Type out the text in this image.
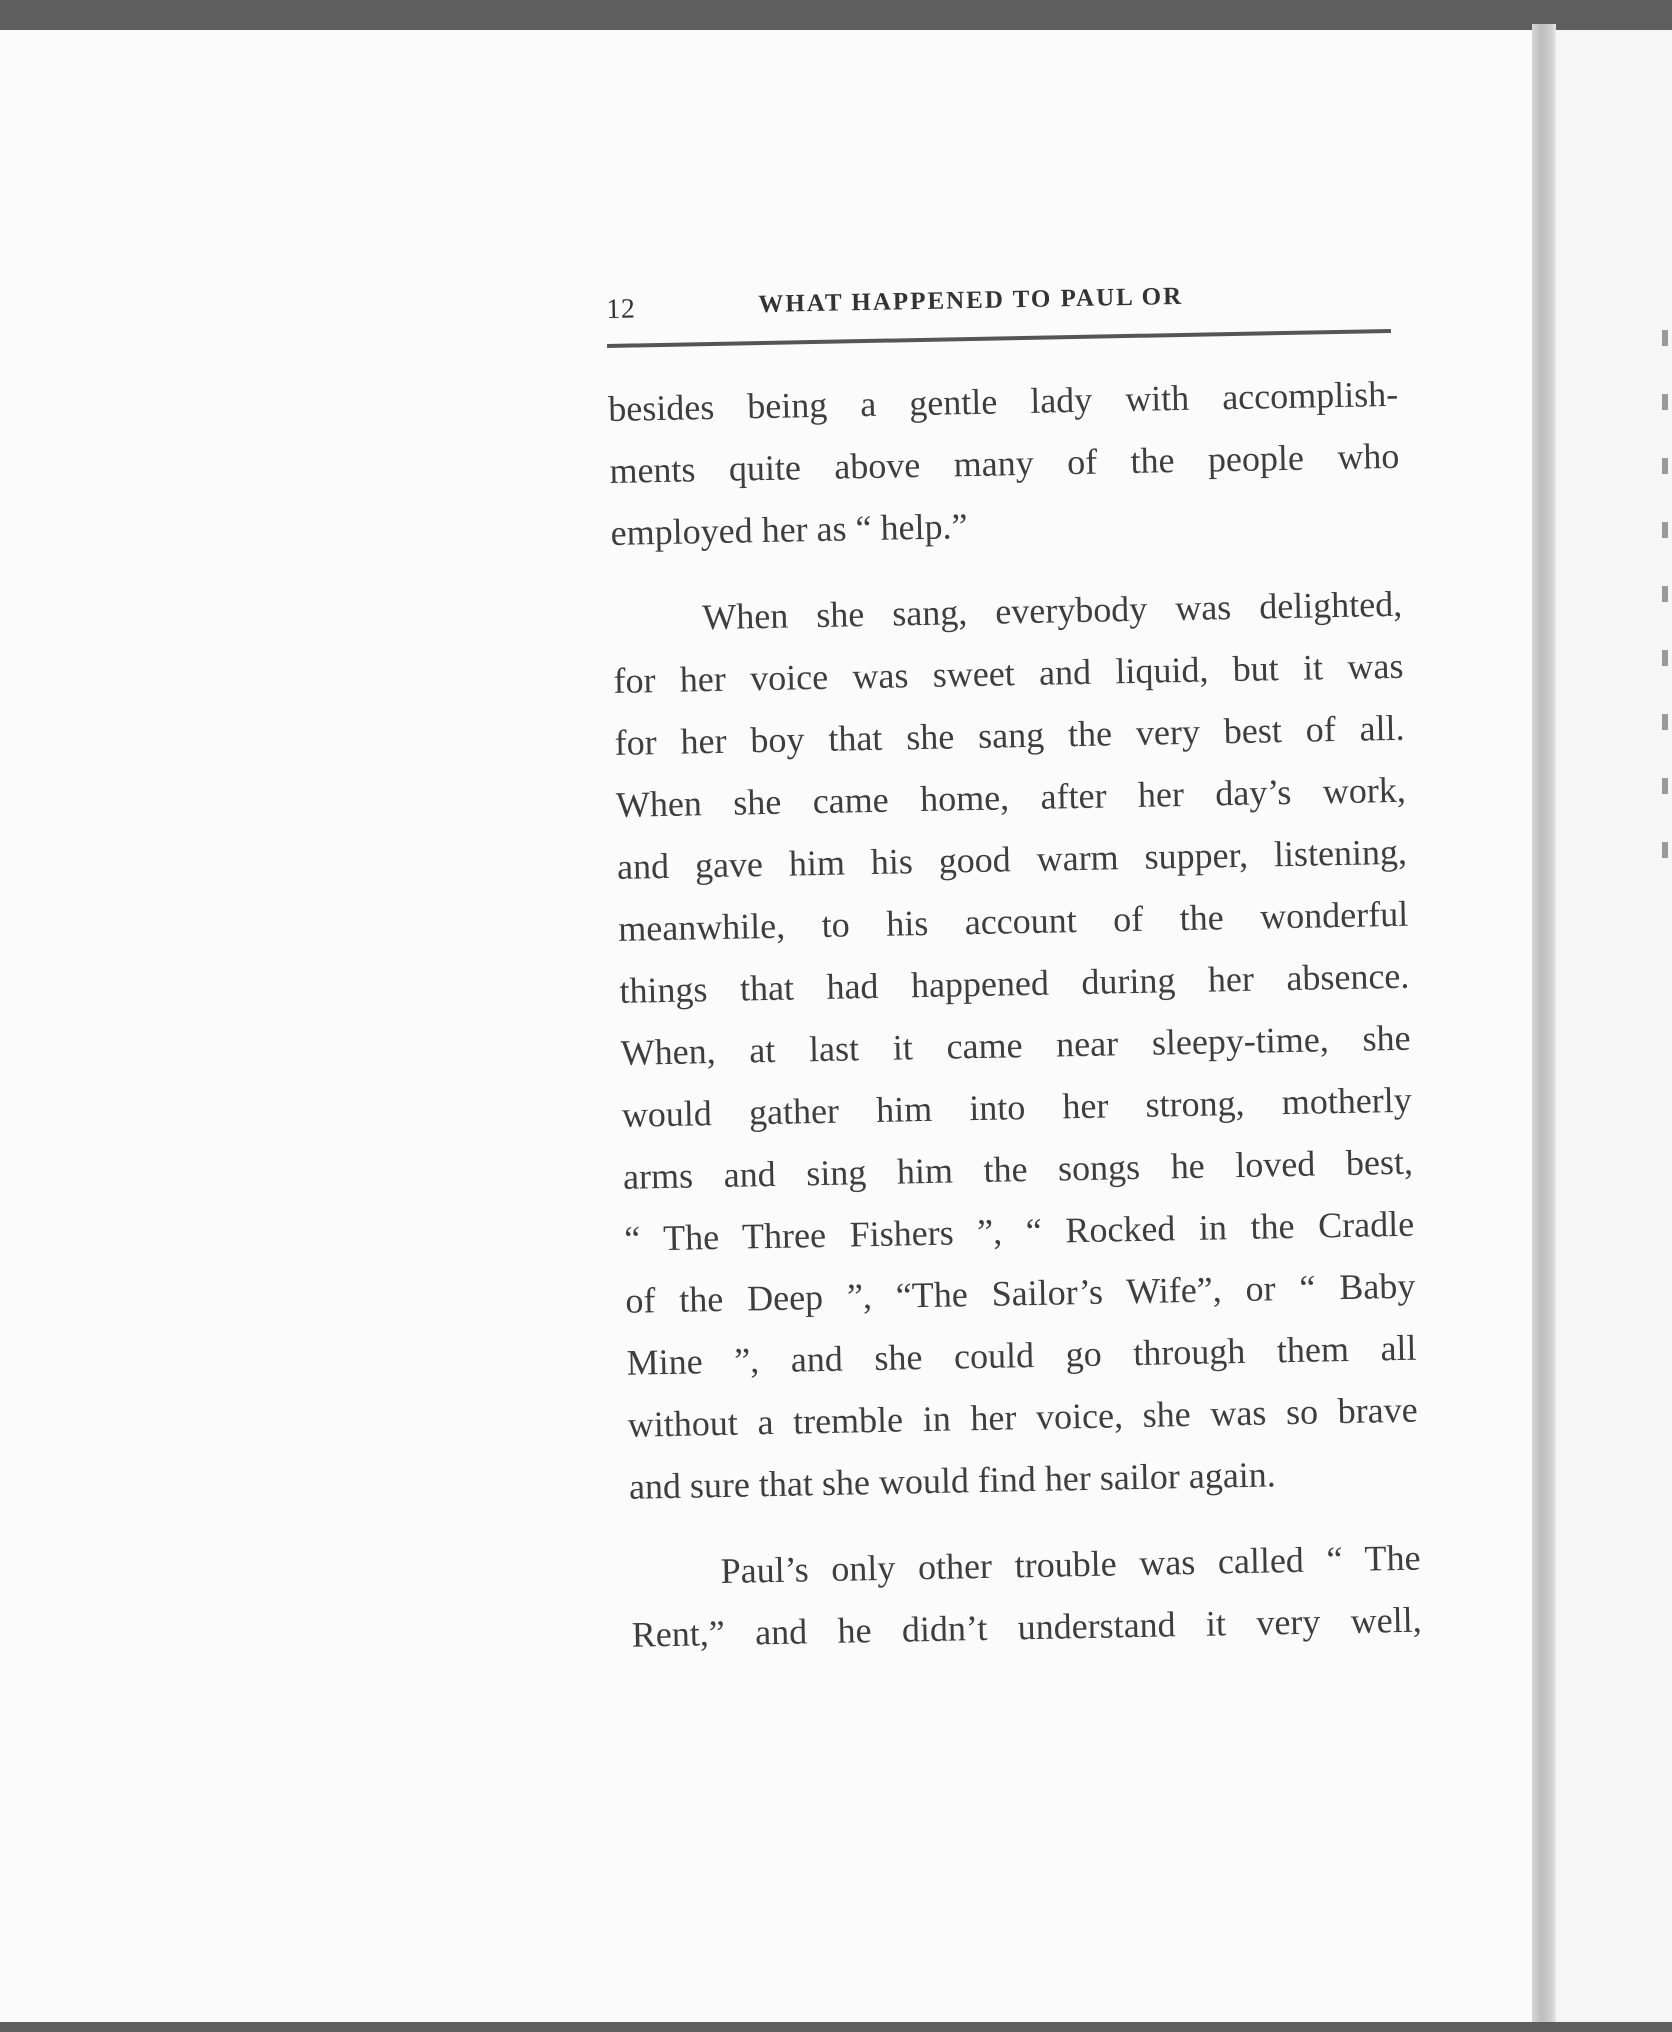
12	WHAT HAPPENED TO PAUL OR
besides being a gentle lady with accomplish-
ments quite above many of the people who
employed her as “ help.”
When she sang, everybody was delighted,
for her voice was sweet and liquid, but it was
for her boy that she sang the very best of all.
When she came home, after her day’s work,
and gave him his good warm supper, listening,
meanwhile, to his account of the wonderful
things that had happened during her absence.
When, at last it came near sleepy-time, she
would gather him into her strong, motherly
arms and sing him the songs he loved best,
“ The Three Fishers ”, “ Rocked in the Cradle
of the Deep ”, “The Sailor’s Wife”, or “ Baby
Mine ”, and she could go through them all
without a tremble in her voice, she was so brave
and sure that she would find her sailor again.
Paul’s only other trouble was called “ The
Rent,” and he didn’t understand it very well,
